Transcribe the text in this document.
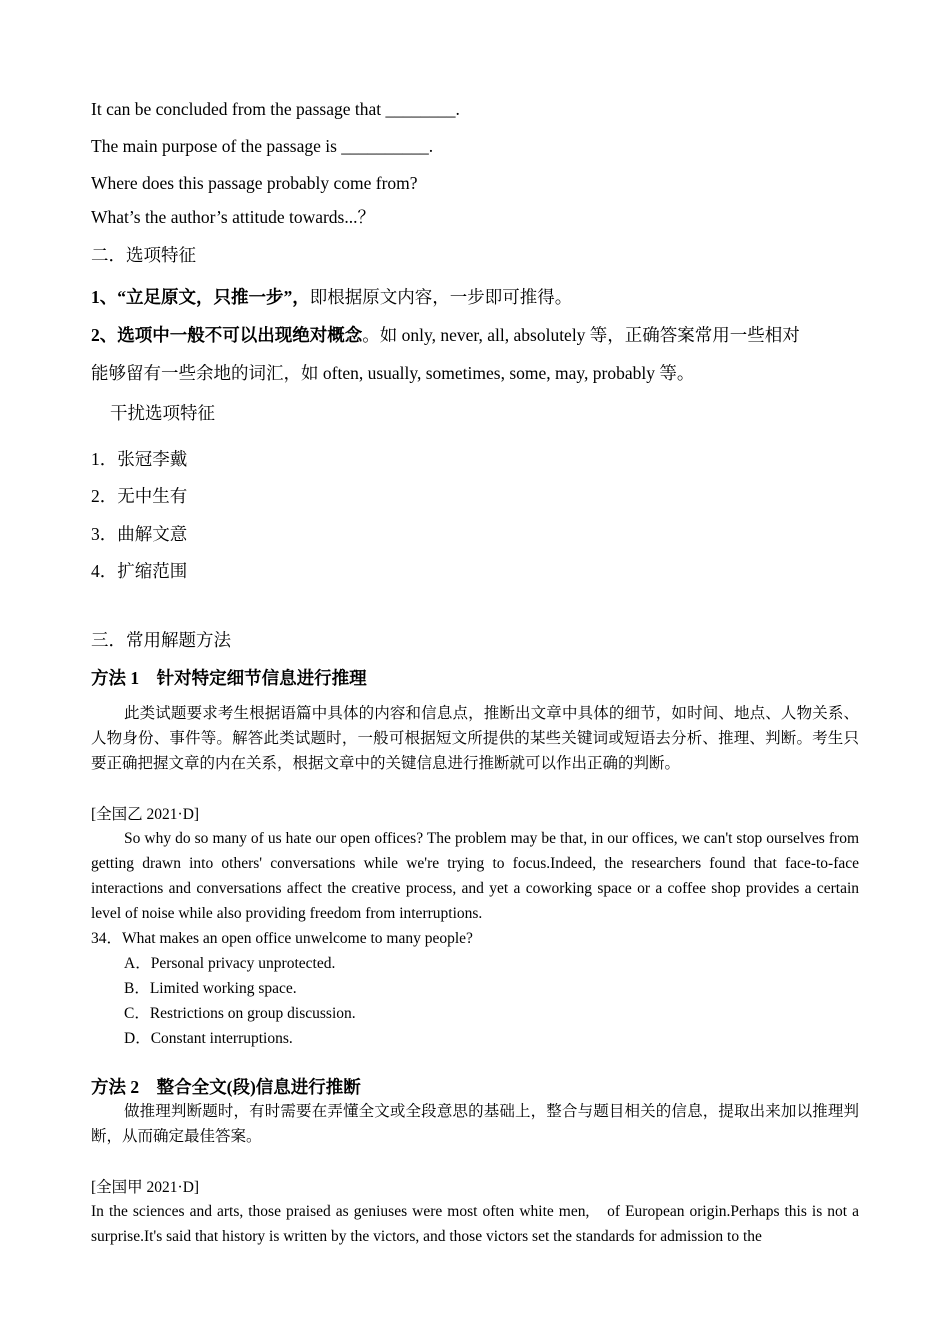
It can be concluded from the passage that ________.
The main purpose of the passage is __________.
Where does this passage probably come from?
What’s the author’s attitude towards...？
二．选项特征
1、“立足原文，只推一步”，即根据原文内容，一步即可推得。
2、选项中一般不可以出现绝对概念。如 only, never, all, absolutely 等，正确答案常用一些相对
能够留有一些余地的词汇，如 often, usually, sometimes, some, may, probably 等。
干扰选项特征
1．张冠李戴
2．无中生有
3．曲解文意
4．扩缩范围
三．常用解题方法
方法 1　针对特定细节信息进行推理
此类试题要求考生根据语篇中具体的内容和信息点，推断出文章中具体的细节，如时间、地点、人物关系、人物身份、事件等。解答此类试题时，一般可根据短文所提供的某些关键词或短语去分析、推理、判断。考生只要正确把握文章的内在关系，根据文章中的关键信息进行推断就可以作出正确的判断。
[全国乙 2021·D]
So why do so many of us hate our open offices? The problem may be that, in our offices, we can't stop ourselves from getting drawn into others' conversations while we're trying to focus.Indeed, the researchers found that face-to-face interactions and conversations affect the creative process, and yet a coworking space or a coffee shop provides a certain level of noise while also providing freedom from interruptions.
34．What makes an open office unwelcome to many people?
A．Personal privacy unprotected.
B．Limited working space.
C．Restrictions on group discussion.
D．Constant interruptions.
方法 2　整合全文(段)信息进行推断
做推理判断题时，有时需要在弄懂全文或全段意思的基础上，整合与题目相关的信息，提取出来加以推理判断，从而确定最佳答案。
[全国甲 2021·D]
In the sciences and arts, those praised as geniuses were most often white men,　of European origin.Perhaps this is not a surprise.It's said that history is written by the victors, and those victors set the standards for admission to the
